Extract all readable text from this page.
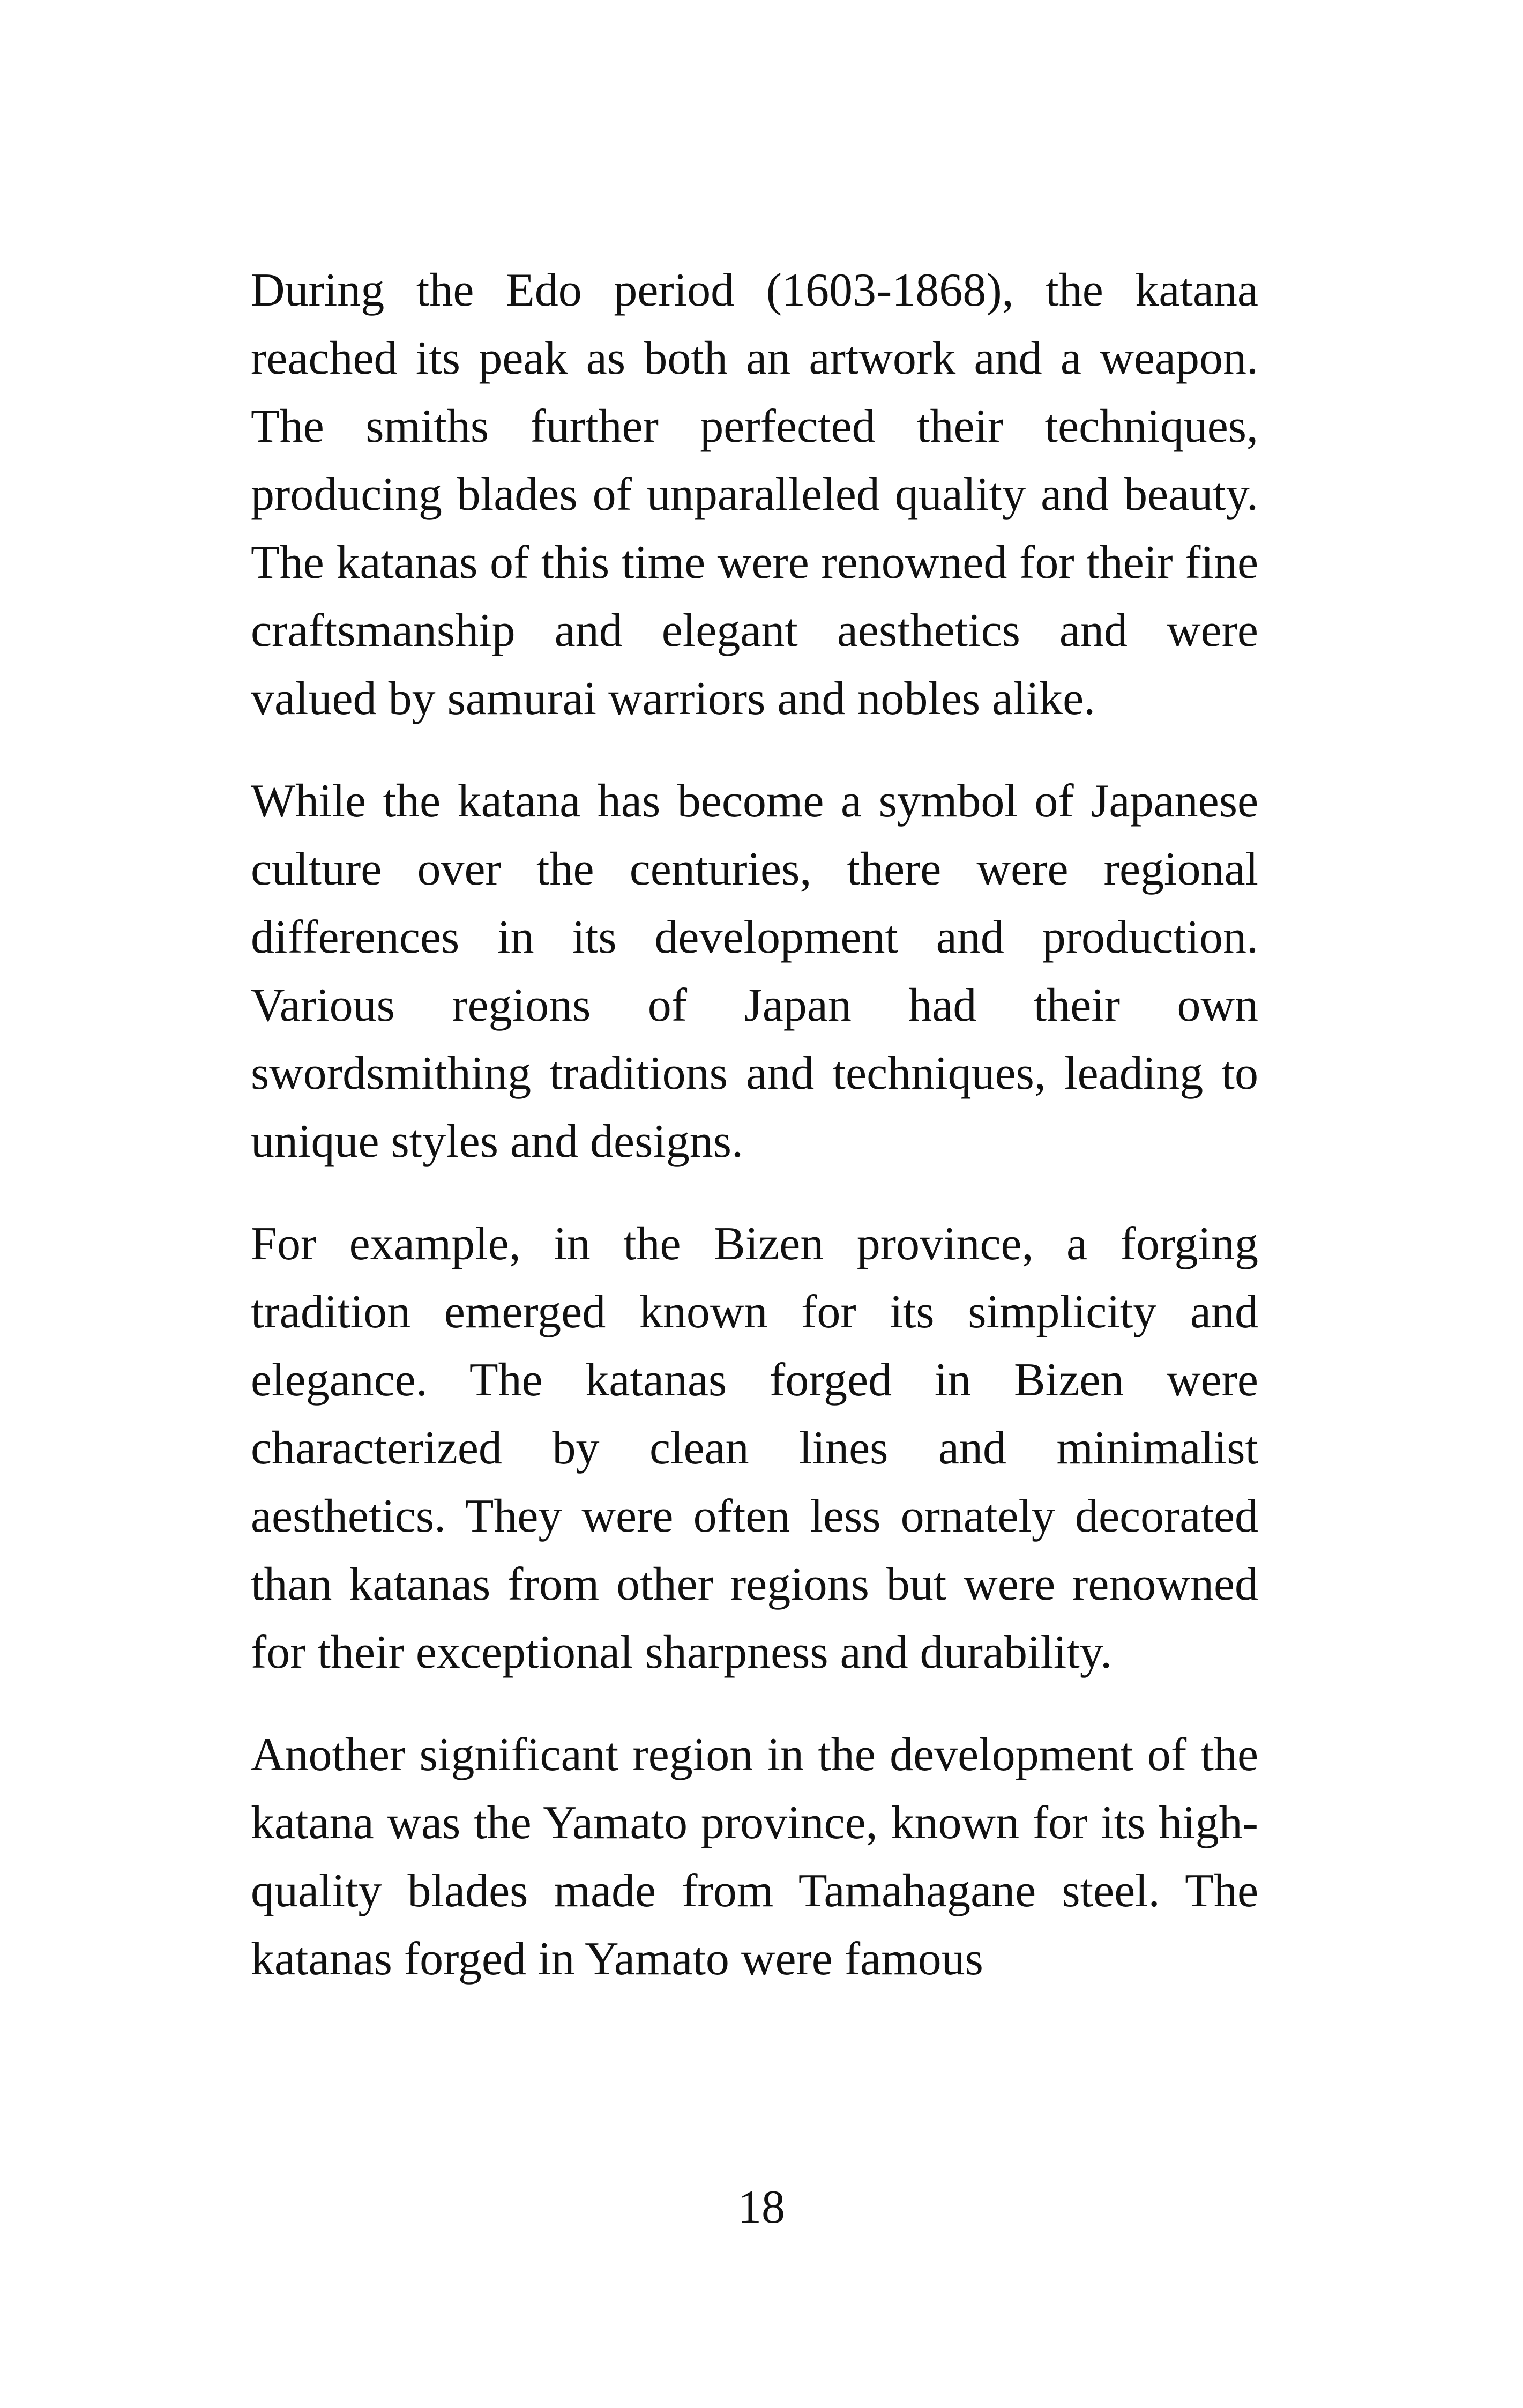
During the Edo period (1603-1868), the katana reached its peak as both an artwork and a weapon. The smiths further perfected their techniques, producing blades of unparalleled quality and beauty. The katanas of this time were renowned for their fine craftsmanship and elegant aesthetics and were valued by samurai warriors and nobles alike.

While the katana has become a symbol of Japanese culture over the centuries, there were regional differences in its development and production. Various regions of Japan had their own swordsmithing traditions and techniques, leading to unique styles and designs.

For example, in the Bizen province, a forging tradition emerged known for its simplicity and elegance. The katanas forged in Bizen were characterized by clean lines and minimalist aesthetics. They were often less ornately decorated than katanas from other regions but were renowned for their exceptional sharpness and durability.

Another significant region in the development of the katana was the Yamato province, known for its high-quality blades made from Tamahagane steel. The katanas forged in Yamato were famous

18
